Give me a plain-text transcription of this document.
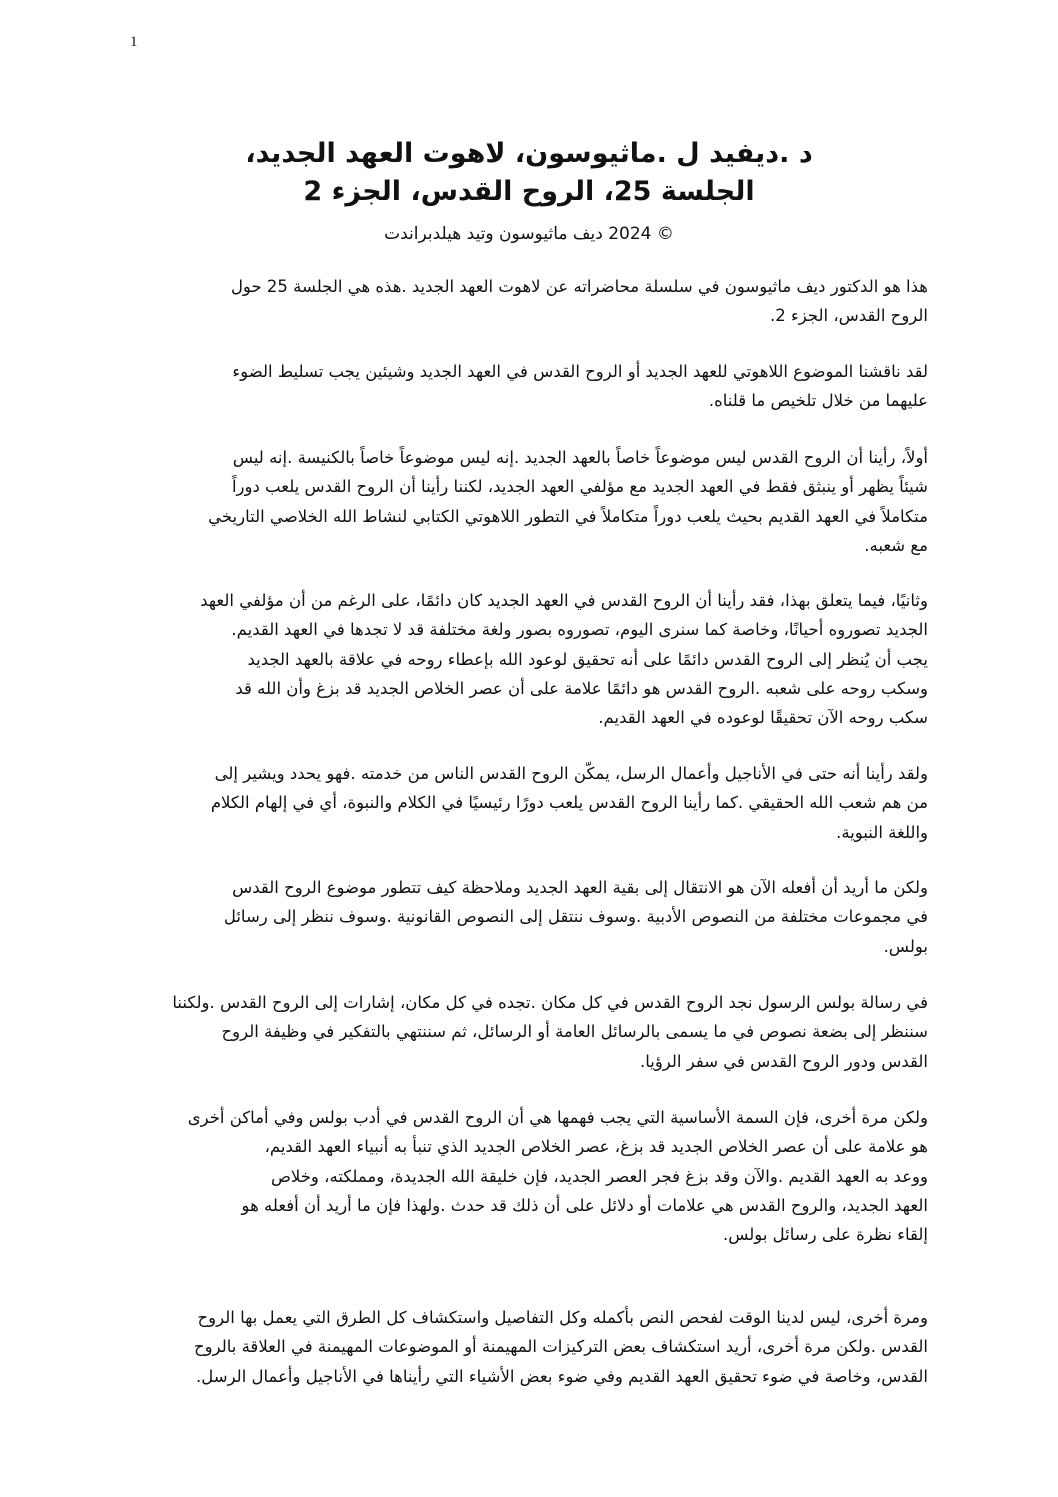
1
د .ديفيد ل .ماثيوسون، لاهوت العهد الجديد،
الجلسة 25، الروح القدس، الجزء 2
© 2024 ديف ماثيوسون وتيد هيلدبراندت
هذا هو الدكتور ديف ماثيوسون في سلسلة محاضراته عن لاهوت العهد الجديد .هذه هي الجلسة 25 حول
الروح القدس، الجزء 2.
لقد ناقشنا الموضوع اللاهوتي للعهد الجديد أو الروح القدس في العهد الجديد وشيئين يجب تسليط الضوء
عليهما من خلال تلخيص ما قلناه.
أولاً، رأينا أن الروح القدس ليس موضوعاً خاصاً بالعهد الجديد .إنه ليس موضوعاً خاصاً بالكنيسة .إنه ليس
شيئاً يظهر أو ينبثق فقط في العهد الجديد مع مؤلفي العهد الجديد، لكننا رأينا أن الروح القدس يلعب دوراً
متكاملاً في العهد القديم بحيث يلعب دوراً متكاملاً في التطور اللاهوتي الكتابي لنشاط الله الخلاصي التاريخي
مع شعبه.
وثانيًا، فيما يتعلق بهذا، فقد رأينا أن الروح القدس في العهد الجديد كان دائمًا، على الرغم من أن مؤلفي العهد
الجديد تصوروه أحيانًا، وخاصة كما سنرى اليوم، تصوروه بصور ولغة مختلفة قد لا تجدها في العهد القديم.
يجب أن يُنظر إلى الروح القدس دائمًا على أنه تحقيق لوعود الله بإعطاء روحه في علاقة بالعهد الجديد
وسكب روحه على شعبه .الروح القدس هو دائمًا علامة على أن عصر الخلاص الجديد قد بزغ وأن الله قد
سكب روحه الآن تحقيقًا لوعوده في العهد القديم.
ولقد رأينا أنه حتى في الأناجيل وأعمال الرسل، يمكّن الروح القدس الناس من خدمته .فهو يحدد ويشير إلى
من هم شعب الله الحقيقي .كما رأينا الروح القدس يلعب دورًا رئيسيًا في الكلام والنبوة، أي في إلهام الكلام
واللغة النبوية.
ولكن ما أريد أن أفعله الآن هو الانتقال إلى بقية العهد الجديد وملاحظة كيف تتطور موضوع الروح القدس
في مجموعات مختلفة من النصوص الأدبية .وسوف ننتقل إلى النصوص القانونية .وسوف ننظر إلى رسائل
بولس.
في رسالة بولس الرسول نجد الروح القدس في كل مكان .تجده في كل مكان، إشارات إلى الروح القدس .ولكننا
سننظر إلى بضعة نصوص في ما يسمى بالرسائل العامة أو الرسائل، ثم سننتهي بالتفكير في وظيفة الروح
القدس ودور الروح القدس في سفر الرؤيا.
ولكن مرة أخرى، فإن السمة الأساسية التي يجب فهمها هي أن الروح القدس في أدب بولس وفي أماكن أخرى
هو علامة على أن عصر الخلاص الجديد قد بزغ، عصر الخلاص الجديد الذي تنبأ به أنبياء العهد القديم،
ووعد به العهد القديم .والآن وقد بزغ فجر العصر الجديد، فإن خليقة الله الجديدة، ومملكته، وخلاص
العهد الجديد، والروح القدس هي علامات أو دلائل على أن ذلك قد حدث .ولهذا فإن ما أريد أن أفعله هو
إلقاء نظرة على رسائل بولس.
ومرة أخرى، ليس لدينا الوقت لفحص النص بأكمله وكل التفاصيل واستكشاف كل الطرق التي يعمل بها الروح
القدس .ولكن مرة أخرى، أريد استكشاف بعض التركيزات المهيمنة أو الموضوعات المهيمنة في العلاقة بالروح
القدس، وخاصة في ضوء تحقيق العهد القديم وفي ضوء بعض الأشياء التي رأيناها في الأناجيل وأعمال الرسل.
